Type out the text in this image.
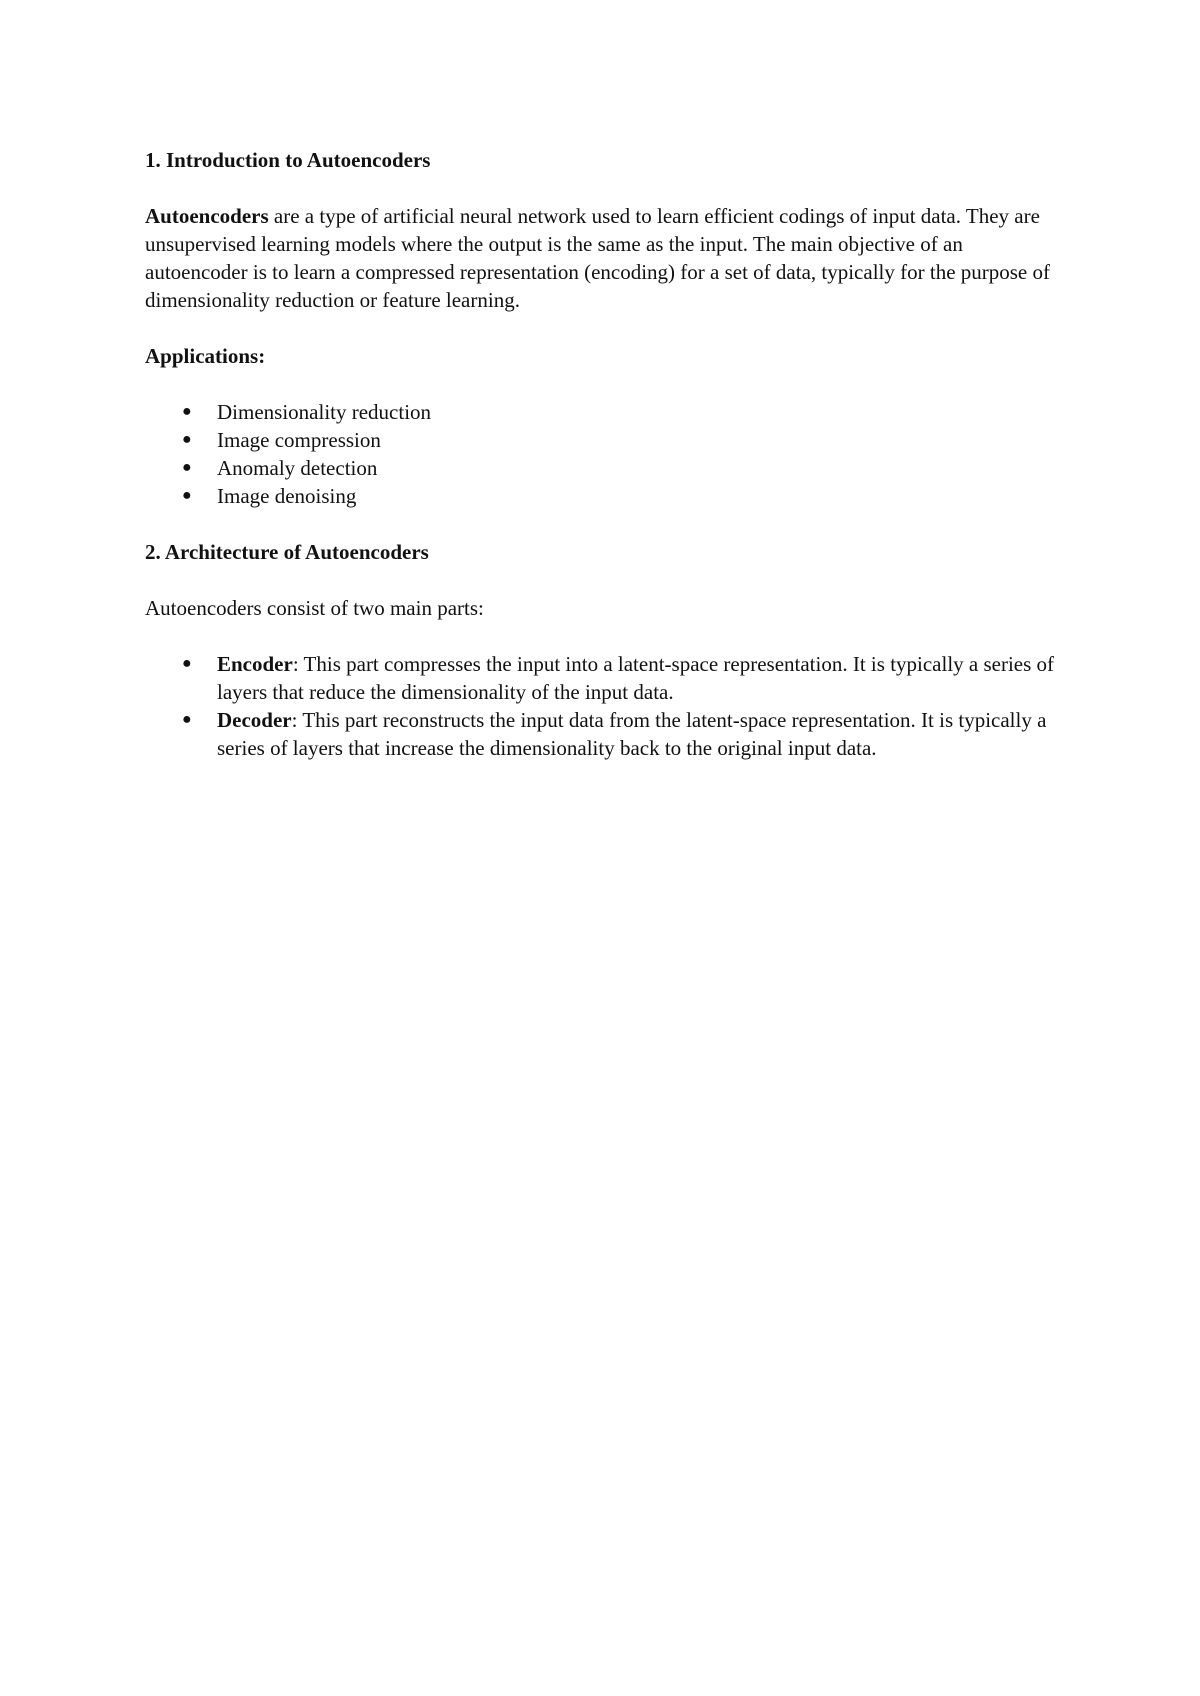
1. Introduction to Autoencoders

Autoencoders are a type of artificial neural network used to learn efficient codings of input data. They are unsupervised learning models where the output is the same as the input. The main objective of an autoencoder is to learn a compressed representation (encoding) for a set of data, typically for the purpose of dimensionality reduction or feature learning.

Applications:
●	Dimensionality reduction
●	Image compression
●	Anomaly detection
●	Image denoising
2. Architecture of Autoencoders

Autoencoders consist of two main parts:

●	Encoder: This part compresses the input into a latent-space representation. It is typically a series of layers that reduce the dimensionality of the input data.
●	Decoder: This part reconstructs the input data from the latent-space representation. It is typically a series of layers that increase the dimensionality back to the original input data.
